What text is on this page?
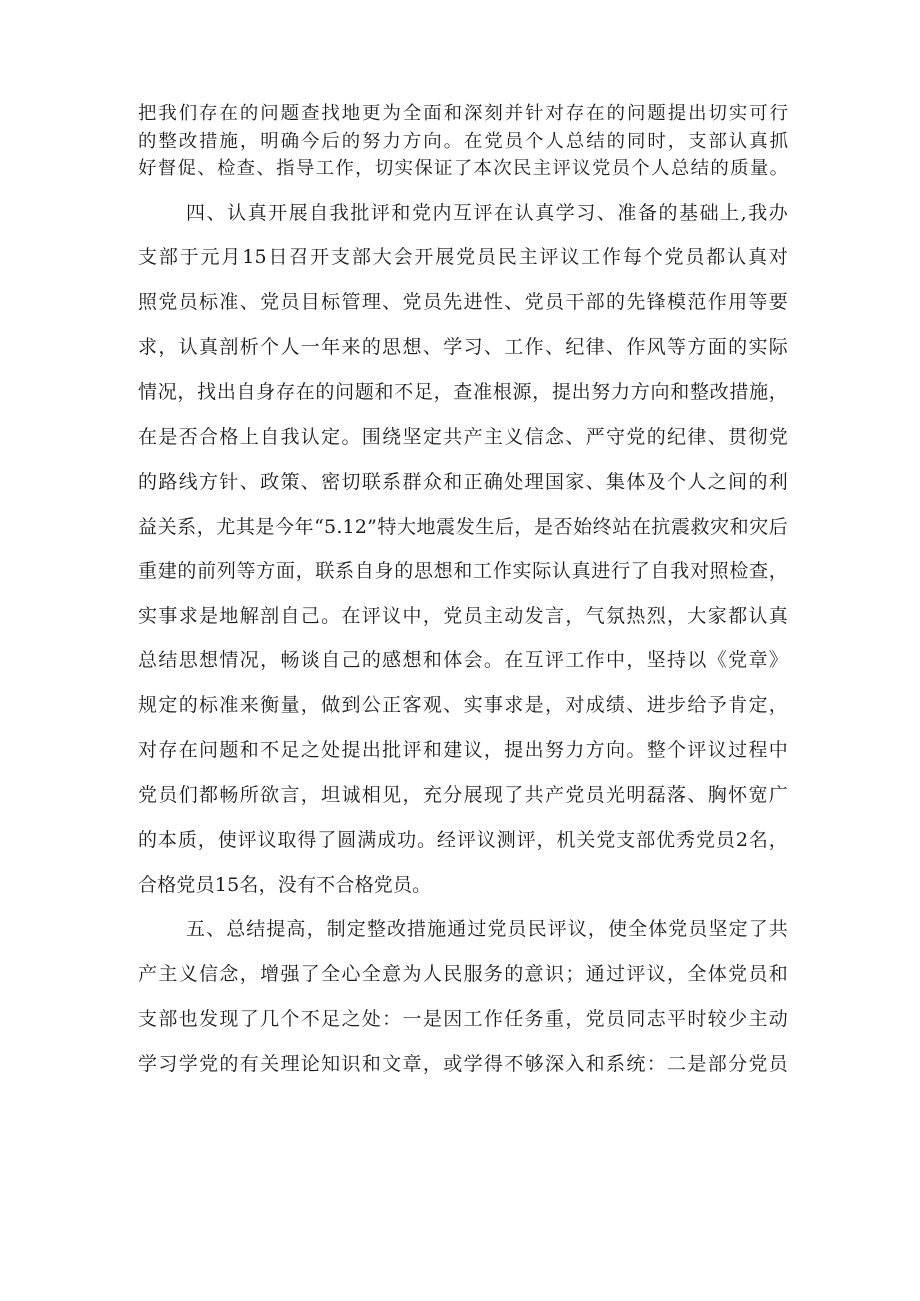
把我们存在的问题查找地更为全面和深刻并针对存在的问题提出切实可行
的整改措施，明确今后的努力方向。在党员个人总结的同时，支部认真抓
好督促、检查、指导工作，切实保证了本次民主评议党员个人总结的质量。
四、认真开展自我批评和党内互评在认真学习、准备的基础上,我办
支部于元月15日召开支部大会开展党员民主评议工作每个党员都认真对
照党员标准、党员目标管理、党员先进性、党员干部的先锋模范作用等要
求，认真剖析个人一年来的思想、学习、工作、纪律、作风等方面的实际
情况，找出自身存在的问题和不足，查准根源，提出努力方向和整改措施，
在是否合格上自我认定。围绕坚定共产主义信念、严守党的纪律、贯彻党
的路线方针、政策、密切联系群众和正确处理国家、集体及个人之间的利
益关系，尤其是今年“5.12”特大地震发生后，是否始终站在抗震救灾和灾后
重建的前列等方面，联系自身的思想和工作实际认真进行了自我对照检查，
实事求是地解剖自己。在评议中，党员主动发言，气氛热烈，大家都认真
总结思想情况，畅谈自己的感想和体会。在互评工作中，坚持以《党章》
规定的标准来衡量，做到公正客观、实事求是，对成绩、进步给予肯定，
对存在问题和不足之处提出批评和建议，提出努力方向。整个评议过程中
党员们都畅所欲言，坦诚相见，充分展现了共产党员光明磊落、胸怀宽广
的本质，使评议取得了圆满成功。经评议测评，机关党支部优秀党员2名，
合格党员15名，没有不合格党员。
五、总结提高，制定整改措施通过党员民评议，使全体党员坚定了共
产主义信念，增强了全心全意为人民服务的意识；通过评议，全体党员和
支部也发现了几个不足之处：一是因工作任务重，党员同志平时较少主动
学习学党的有关理论知识和文章，或学得不够深入和系统：二是部分党员
